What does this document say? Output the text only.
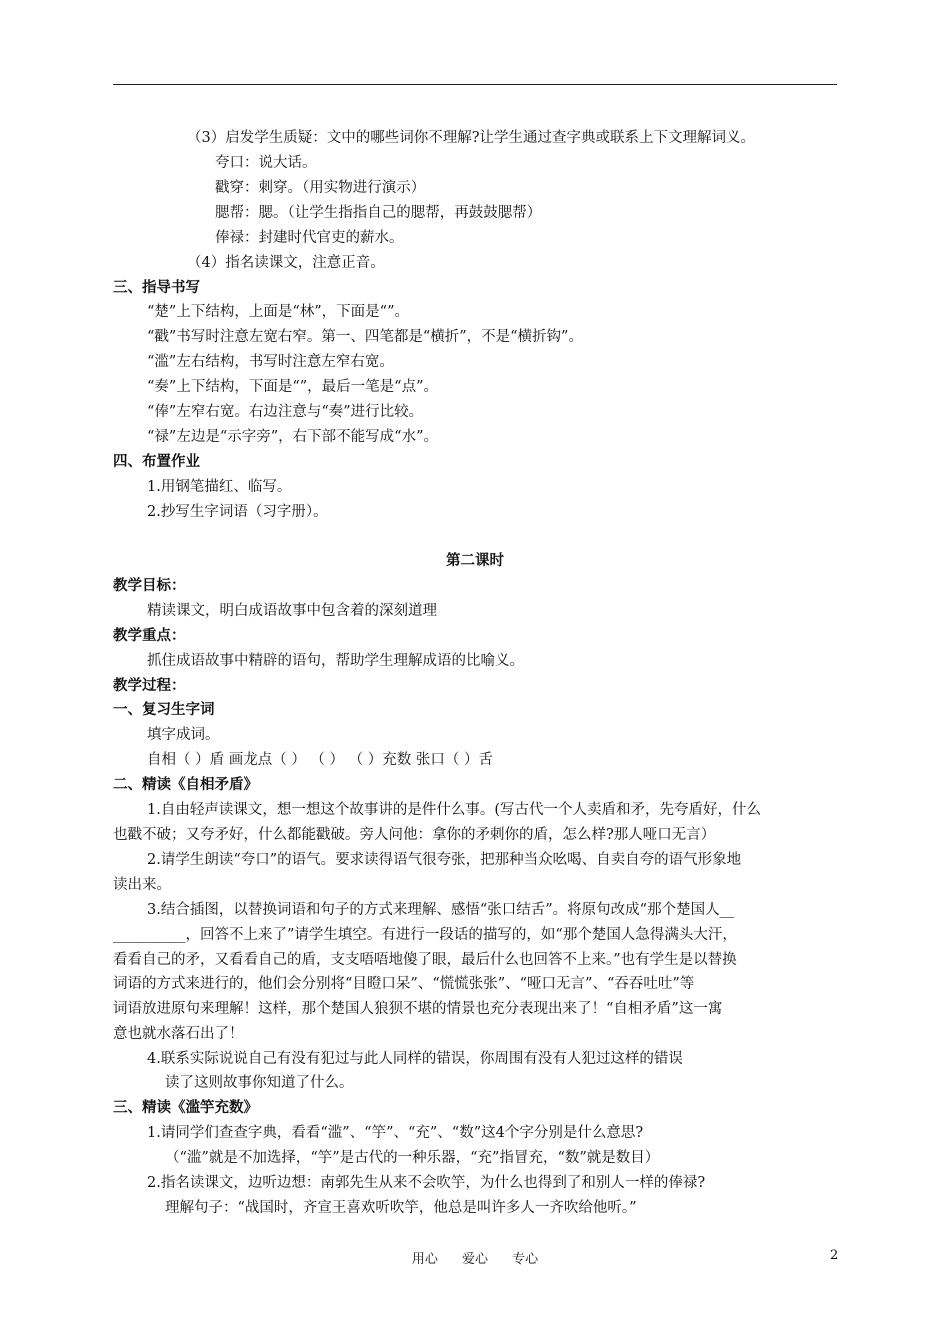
（3）启发学生质疑：文中的哪些词你不理解?让学生通过查字典或联系上下文理解词义。
夸口：说大话。
戳穿：刺穿。（用实物进行演示）
腮帮：腮。（让学生指指自己的腮帮，再鼓鼓腮帮）
俸禄：封建时代官吏的薪水。
（4）指名读课文，注意正音。
三、指导书写
“楚”上下结构，上面是“林”，下面是“”。
“戳”书写时注意左宽右窄。第一、四笔都是“横折”，不是“横折钩”。
“滥”左右结构，书写时注意左窄右宽。
“奏”上下结构，下面是“”，最后一笔是“点”。
“俸”左窄右宽。右边注意与“奏”进行比较。
“禄”左边是“示字旁”，右下部不能写成“水”。
四、布置作业
1.用钢笔描红、临写。
2.抄写生字词语（习字册）。
第二课时
教学目标：
精读课文，明白成语故事中包含着的深刻道理
教学重点：
抓住成语故事中精辟的语句，帮助学生理解成语的比喻义。
教学过程：
一、复习生字词
填字成词。
自相（ ）盾 画龙点（ ） （ ） （ ）充数 张口（ ）舌
二、精读《自相矛盾》
1.自由轻声读课文，想一想这个故事讲的是件什么事。(写古代一个人卖盾和矛，先夸盾好，什么
也戳不破；又夸矛好，什么都能戳破。旁人问他：拿你的矛刺你的盾，怎么样?那人哑口无言）
2.请学生朗读“夸口”的语气。要求读得语气很夸张，把那种当众吆喝、自卖自夸的语气形象地
读出来。
3.结合插图，以替换词语和句子的方式来理解、感悟“张口结舌”。将原句改成“那个楚国人__
__________，回答不上来了”请学生填空。有进行一段话的描写的，如“那个楚国人急得满头大汗，
看看自己的矛，又看看自己的盾，支支唔唔地傻了眼，最后什么也回答不上来。”也有学生是以替换
词语的方式来进行的，他们会分别将“目瞪口呆”、“慌慌张张”、“哑口无言”、“吞吞吐吐”等
词语放进原句来理解！这样，那个楚国人狼狈不堪的情景也充分表现出来了！“自相矛盾”这一寓
意也就水落石出了！
4.联系实际说说自己有没有犯过与此人同样的错误，你周围有没有人犯过这样的错误
读了这则故事你知道了什么。
三、精读《滥竽充数》
1.请同学们查查字典，看看“滥”、“竽”、“充”、“数”这4个字分别是什么意思?
（“滥”就是不加选择，“竽”是古代的一种乐器，“充”指冒充，“数”就是数目）
2.指名读课文，边听边想：南郭先生从来不会吹竽，为什么也得到了和别人一样的俸禄?
理解句子：“战国时，齐宣王喜欢听吹竽，他总是叫许多人一齐吹给他听。”
用心 爱心 专心	2
